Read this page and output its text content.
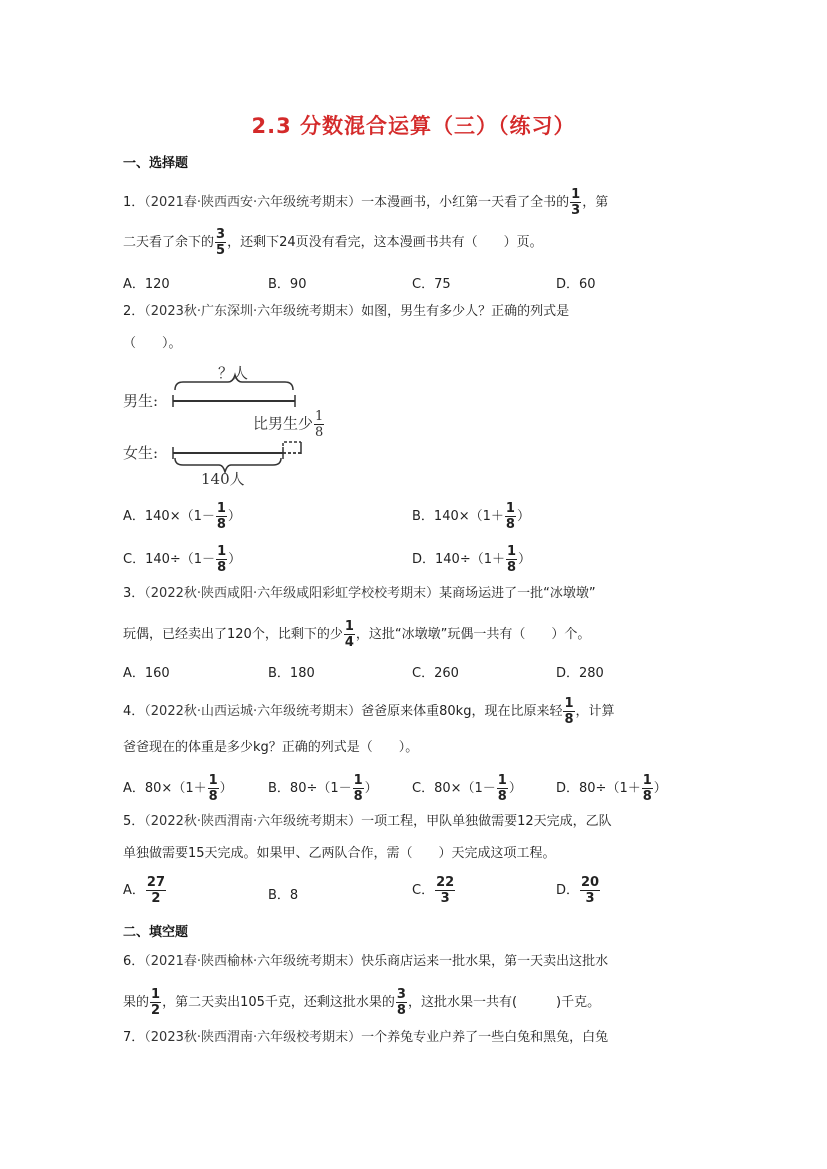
2.3 分数混合运算（三）（练习）
一、选择题
1．（2021春·陕西西安·六年级统考期末）一本漫画书，小红第一天看了全书的 $\frac{1}{3}$ ，第
二天看了余下的 $\frac{3}{5}$ ，还剩下24页没有看完，这本漫画书共有（　　）页。
A．120	B．90	C．75	D．60
2．（2023秋·广东深圳·六年级统考期末）如图，男生有多少人？正确的列式是
（　　）。
男生:
女生:
？人
比男生少 $\frac{1}{8}$
140人
A．$140\times(1- \frac{1}{8}$ ）	B．$140\times(1+ \frac{1}{8}$ ）
C．$140\div(1- \frac{1}{8}$ ）	D．$140\div(1+ \frac{1}{8}$ ）
3．（2022秋·陕西咸阳·六年级咸阳彩虹学校校考期末）某商场运进了一批“冰墩墩”
玩偶，已经卖出了120个，比剩下的少 $\frac{1}{4}$ ，这批“冰墩墩”玩偶一共有（　　）个。
A．160	B．180	C．260	D．280
4．（2022秋·山西运城·六年级统考期末）爸爸原来体重80kg，现在比原来轻 $\frac{1}{8}$ ，计算
爸爸现在的体重是多少kg？正确的列式是（　　）。
A．$80\times(1+ \frac{1}{8}$ ）	B．$80\div(1- \frac{1}{8}$ ）	C．$80\times(1- \frac{1}{8}$ ）	D．$80\div(1+ \frac{1}{8}$ ）
5．（2022秋·陕西渭南·六年级统考期末）一项工程，甲队单独做需要12天完成，乙队
单独做需要15天完成。如果甲、乙两队合作，需（　　）天完成这项工程。
A． $\frac{27}{2}$	B．8	C． $\frac{22}{3}$	D． $\frac{20}{3}$
二、填空题
6．（2021春·陕西榆林·六年级统考期末）快乐商店运来一批水果，第一天卖出这批水
果的 $\frac{1}{2}$ ，第二天卖出105千克，还剩这批水果的 $\frac{3}{8}$ ，这批水果一共有(　　　)千克。
7．（2023秋·陕西渭南·六年级校考期末）一个养兔专业户养了一些白兔和黑兔，白兔
